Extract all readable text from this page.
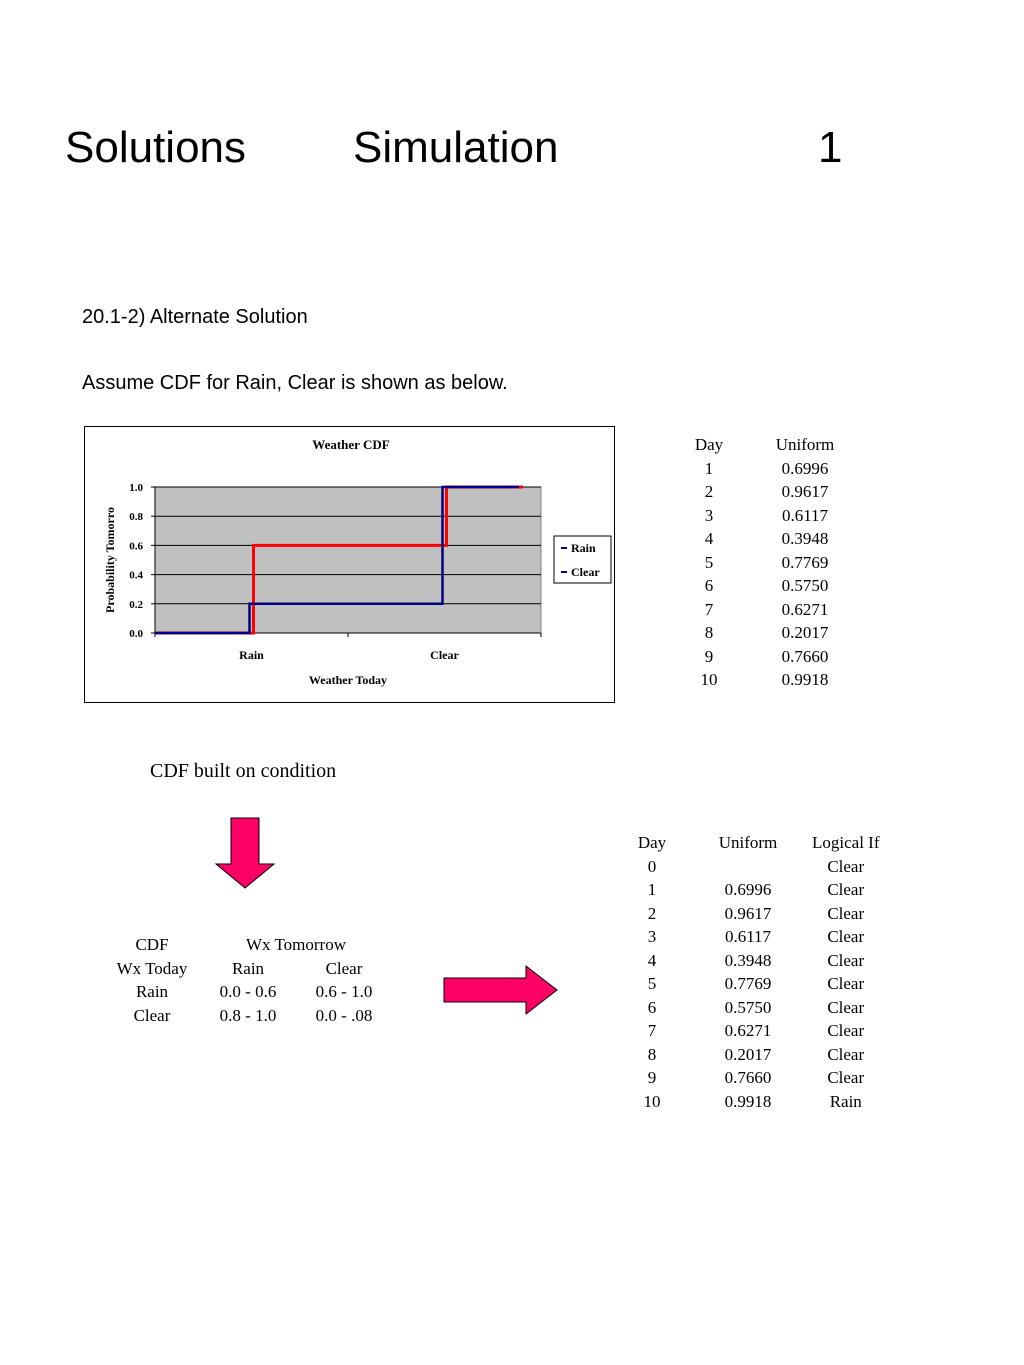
Solutions Simulation	1
20.1-2) Alternate Solution
Assume CDF for Rain, Clear is shown as below.
Weather CDF
0.0
0.2
0.4
0.6
0.8
1.0
Rain	Clear
Weather Today
Probability Tomorro	Rain
Clear
Day	Uniform
1	0.6996
2	0.9617
3	0.6117
4	0.3948
5	0.7769
6	0.5750
7	0.6271
8	0.2017
9	0.7660
10	0.9918
CDF built on condition
CDF	Wx Tomorrow	
Wx Today	Rain	Clear
Rain	0.0 - 0.6	0.6 - 1.0
Clear	0.8 - 1.0	0.0 - .08
Day	Uniform	Logical If
0		Clear
1	0.6996	Clear
2	0.9617	Clear
3	0.6117	Clear
4	0.3948	Clear
5	0.7769	Clear
6	0.5750	Clear
7	0.6271	Clear
8	0.2017	Clear
9	0.7660	Clear
10	0.9918	Rain
